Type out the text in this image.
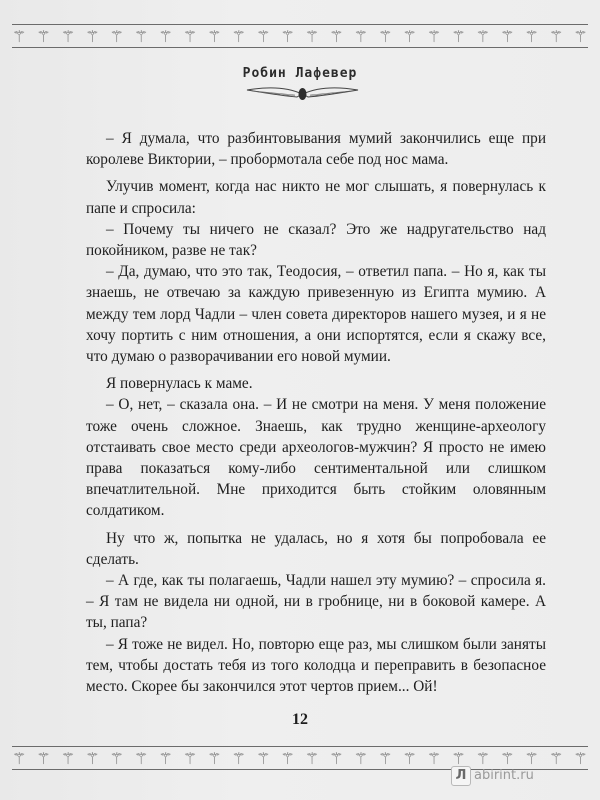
⚚ ⚚ ⚚ ⚚ ⚚ ⚚ ⚚ ⚚ ⚚ ⚚ ⚚ ⚚ ⚚ ⚚ ⚚ ⚚ ⚚ ⚚ ⚚ ⚚ ⚚ ⚚ ⚚ ⚚
Робин Лафевер

– Я думала, что разбинтовывания мумий закончились еще при королеве Виктории, – пробормотала себе под нос мама.

Улучив момент, когда нас никто не мог слышать, я повернулась к папе и спросила:

– Почему ты ничего не сказал? Это же надругательство над покойником, разве не так?

– Да, думаю, что это так, Теодосия, – ответил папа. – Но я, как ты знаешь, не отвечаю за каждую привезенную из Египта мумию. А между тем лорд Чадли – член совета директоров нашего музея, и я не хочу портить с ним отношения, а они испортятся, если я скажу все, что думаю о разворачивании его новой мумии.

Я повернулась к маме.

– О, нет, – сказала она. – И не смотри на меня. У меня положение тоже очень сложное. Знаешь, как трудно женщине-археологу отстаивать свое место среди археологов-мужчин? Я просто не имею права показаться кому-либо сентиментальной или слишком впечатлительной. Мне приходится быть стойким оловянным солдатиком.

Ну что ж, попытка не удалась, но я хотя бы попробовала ее сделать.

– А где, как ты полагаешь, Чадли нашел эту мумию? – спросила я. – Я там не видела ни одной, ни в гробнице, ни в боковой камере. А ты, папа?

– Я тоже не видел. Но, повторю еще раз, мы слишком были заняты тем, чтобы достать тебя из того колодца и переправить в безопасное место. Скорее бы закончился этот чертов прием... Ой!

12
⚚ ⚚ ⚚ ⚚ ⚚ ⚚ ⚚ ⚚ ⚚ ⚚ ⚚ ⚚ ⚚ ⚚ ⚚ ⚚ ⚚ ⚚ ⚚ ⚚ ⚚ ⚚ ⚚ ⚚
Л abirint.ru
